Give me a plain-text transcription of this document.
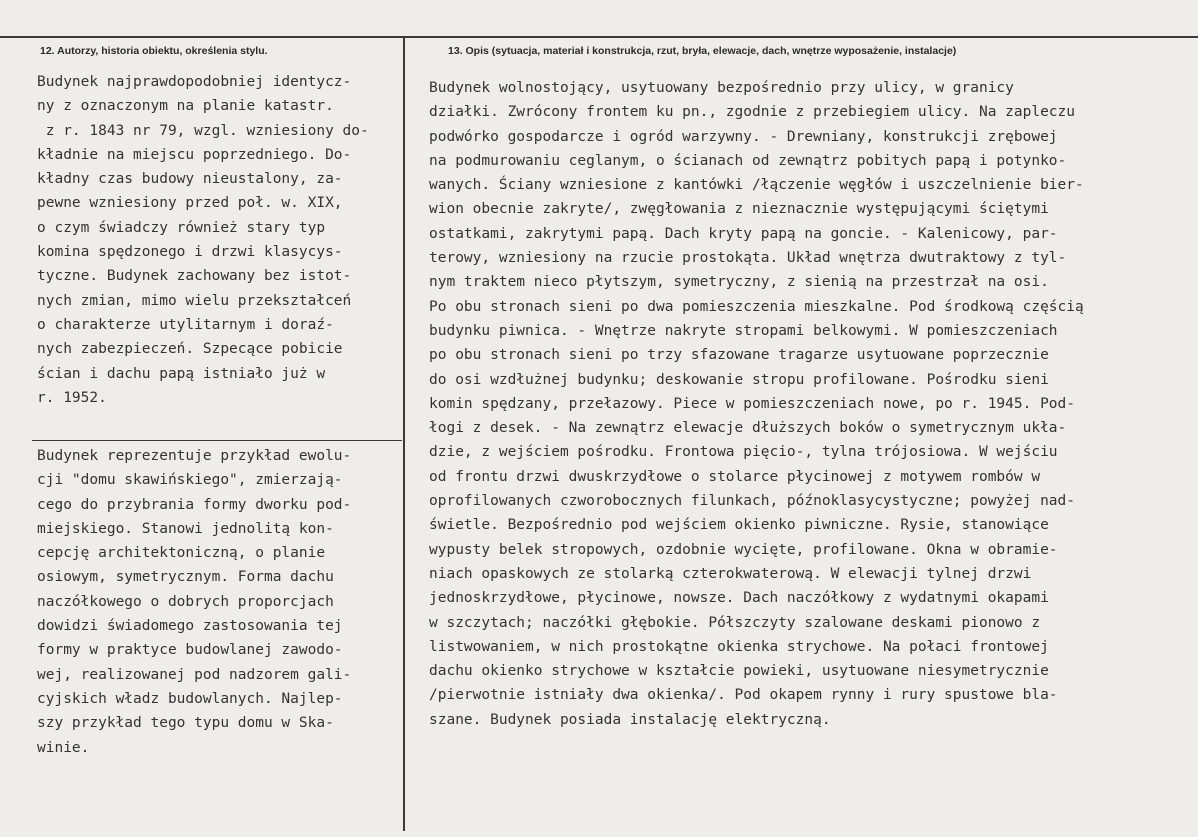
12. Autorzy, historia obiektu, określenia stylu.	13. Opis (sytuacja, materiał i konstrukcja, rzut, bryła, elewacje, dach, wnętrze wyposażenie, instalacje)
Budynek najprawdopodobniej identycz-
ny z oznaczonym na planie katastr.
z r. 1843 nr 79, wzgl. wzniesiony do-
kładnie na miejscu poprzedniego. Do-
kładny czas budowy nieustalony, za-
pewne wzniesiony przed poł. w. XIX,
o czym świadczy również stary typ
komina spędzonego i drzwi klasycys-
tyczne. Budynek zachowany bez istot-
nych zmian, mimo wielu przekształceń
o charakterze utylitarnym i doraź-
nych zabezpieczeń. Szpecące pobicie
ścian i dachu papą istniało już w
r. 1952.
Budynek reprezentuje przykład ewolu-
cji "domu skawińskiego", zmierzają-
cego do przybrania formy dworku pod-
miejskiego. Stanowi jednolitą kon-
cepcję architektoniczną, o planie
osiowym, symetrycznym. Forma dachu
naczółkowego o dobrych proporcjach
dowidzi świadomego zastosowania tej
formy w praktyce budowlanej zawodo-
wej, realizowanej pod nadzorem gali-
cyjskich władz budowlanych. Najlep-
szy przykład tego typu domu w Ska-
winie.
Budynek wolnostojący, usytuowany bezpośrednio przy ulicy, w granicy
działki. Zwrócony frontem ku pn., zgodnie z przebiegiem ulicy. Na zapleczu
podwórko gospodarcze i ogród warzywny. - Drewniany, konstrukcji zrębowej
na podmurowaniu ceglanym, o ścianach od zewnątrz pobitych papą i potynko-
wanych. Ściany wzniesione z kantówki /łączenie węgłów i uszczelnienie bier-
wion obecnie zakryte/, zwęgłowania z nieznacznie występującymi ściętymi
ostatkami, zakrytymi papą. Dach kryty papą na goncie. - Kalenicowy, par-
terowy, wzniesiony na rzucie prostokąta. Układ wnętrza dwutraktowy z tyl-
nym traktem nieco płytszym, symetryczny, z sienią na przestrzał na osi.
Po obu stronach sieni po dwa pomieszczenia mieszkalne. Pod środkową częścią
budynku piwnica. - Wnętrze nakryte stropami belkowymi. W pomieszczeniach
po obu stronach sieni po trzy sfazowane tragarze usytuowane poprzecznie
do osi wzdłużnej budynku; deskowanie stropu profilowane. Pośrodku sieni
komin spędzany, przełazowy. Piece w pomieszczeniach nowe, po r. 1945. Pod-
łogi z desek. - Na zewnątrz elewacje dłuższych boków o symetrycznym ukła-
dzie, z wejściem pośrodku. Frontowa pięcio-, tylna trójosiowa. W wejściu
od frontu drzwi dwuskrzydłowe o stolarce płycinowej z motywem rombów w
oprofilowanych czworobocznych filunkach, późnoklasycystyczne; powyżej nad-
świetle. Bezpośrednio pod wejściem okienko piwniczne. Rysie, stanowiące
wypusty belek stropowych, ozdobnie wycięte, profilowane. Okna w obramie-
niach opaskowych ze stolarką czterokwaterową. W elewacji tylnej drzwi
jednoskrzydłowe, płycinowe, nowsze. Dach naczółkowy z wydatnymi okapami
w szczytach; naczółki głębokie. Półszczyty szalowane deskami pionowo z
listwowaniem, w nich prostokątne okienka strychowe. Na połaci frontowej
dachu okienko strychowe w kształcie powieki, usytuowane niesymetrycznie
/pierwotnie istniały dwa okienka/. Pod okapem rynny i rury spustowe bla-
szane. Budynek posiada instalację elektryczną.
